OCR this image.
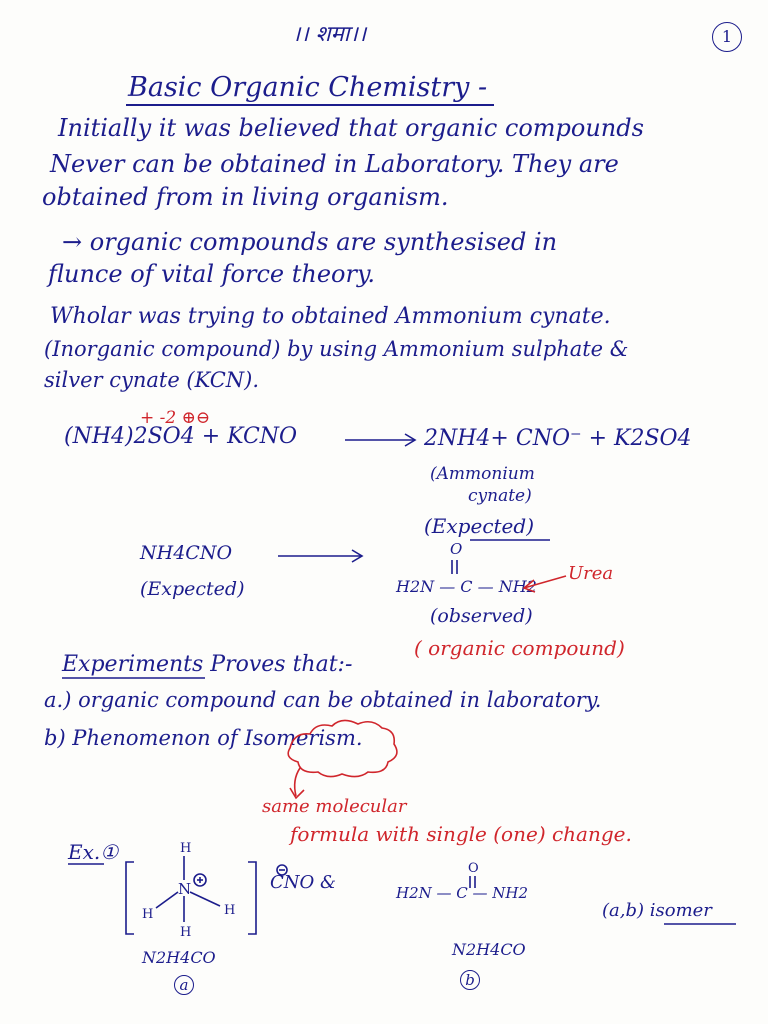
।। शमा।।	1
Basic Organic Chemistry -
Initially it was believed that organic compounds
Never can be obtained in Laboratory. They are
obtained from in living organism.
→ organic compounds are synthesised in
flunce of vital force theory.
Wholar was trying to obtained Ammonium cynate.
(Inorganic compound) by using Ammonium sulphate &
silver cynate (KCN).
+ -2 ⊕⊖
(NH4)2SO4 + KCNO	2NH4+ CNO⁻ + K2SO4
(Ammonium
cynate)
(Expected)
NH4CNO
(Expected)
O
H2N — C — NH2
Urea
(observed)
( organic compound)
Experiments Proves that:-
a.) organic compound can be obtained in laboratory.
b) Phenomenon of Isomerism.
same molecular
formula with single (one) change.
Ex.①
CNO &
N2H4CO
a
H2N — C — NH2
N2H4CO
b
(a,b) isomer
H
N
H	H
H
O
